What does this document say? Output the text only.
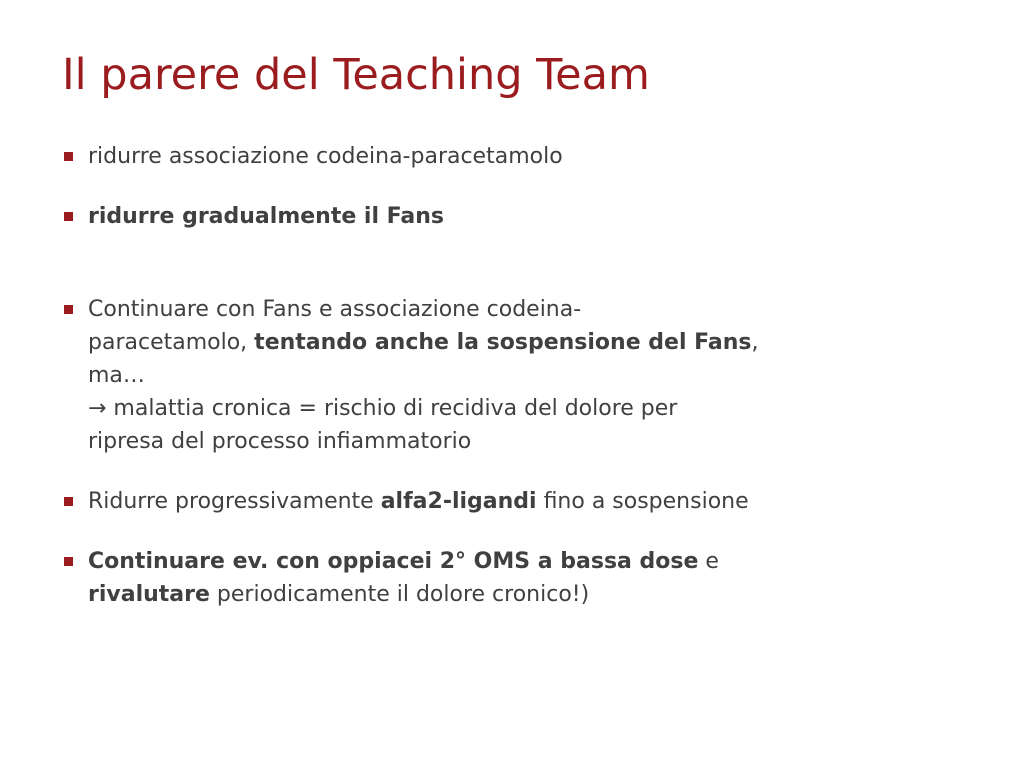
Il parere del Teaching Team
ridurre associazione codeina-paracetamolo
ridurre gradualmente il Fans
Continuare con Fans e associazione codeina-
paracetamolo, tentando anche la sospensione del Fans,
ma…
→ malattia cronica = rischio di recidiva del dolore per
ripresa del processo infiammatorio
Ridurre progressivamente alfa2-ligandi fino a sospensione
Continuare ev. con oppiacei 2° OMS a bassa dose e
rivalutare periodicamente il dolore cronico!)
